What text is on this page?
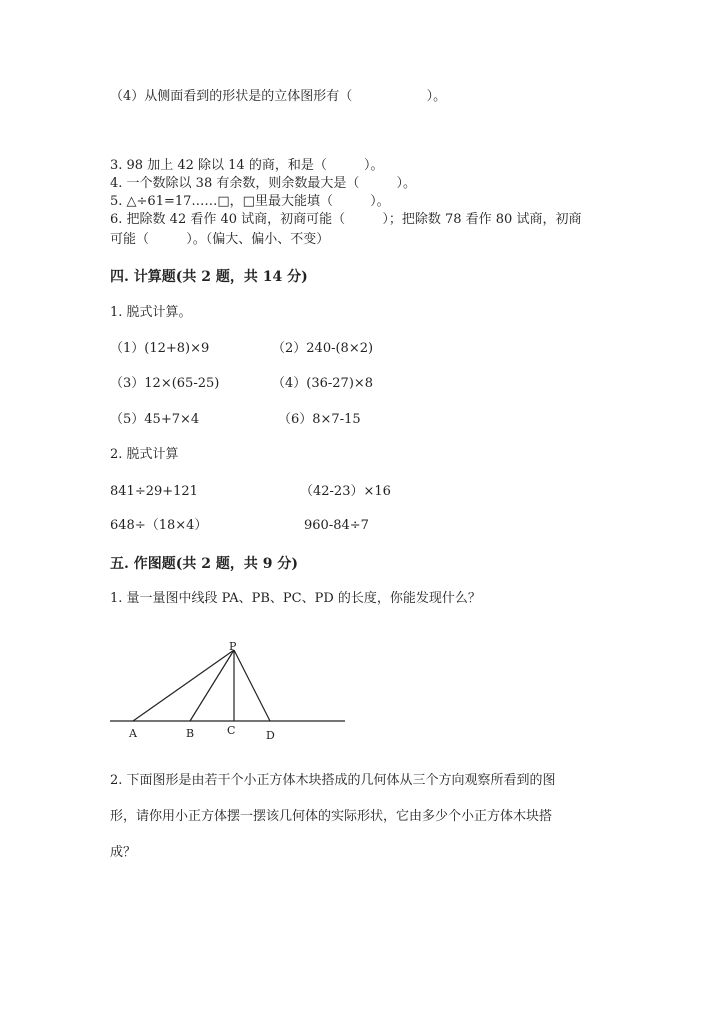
（4）从侧面看到的形状是的立体图形有（                  ）。
3. 98 加上 42 除以 14 的商，和是（         ）。
4. 一个数除以 38 有余数，则余数最大是（         ）。
5. △÷61=17……□，□里最大能填（         ）。
6. 把除数 42 看作 40 试商，初商可能（         ）；把除数 78 看作 80 试商，初商
可能（         ）。（偏大、偏小、不变）
四. 计算题(共 2 题，共 14 分)
1. 脱式计算。
（1）(12+8)×9	（2）240-(8×2)
（3）12×(65-25)	（4）(36-27)×8
（5）45+7×4	（6）8×7-15
2. 脱式计算
841÷29+121	（42-23）×16
648÷（18×4）	960-84÷7
五. 作图题(共 2 题，共 9 分)
1. 量一量图中线段 PA、PB、PC、PD 的长度，你能发现什么？
P
A	B	C	D
2. 下面图形是由若干个小正方体木块搭成的几何体从三个方向观察所看到的图
形，请你用小正方体摆一摆该几何体的实际形状，它由多少个小正方体木块搭
成？
